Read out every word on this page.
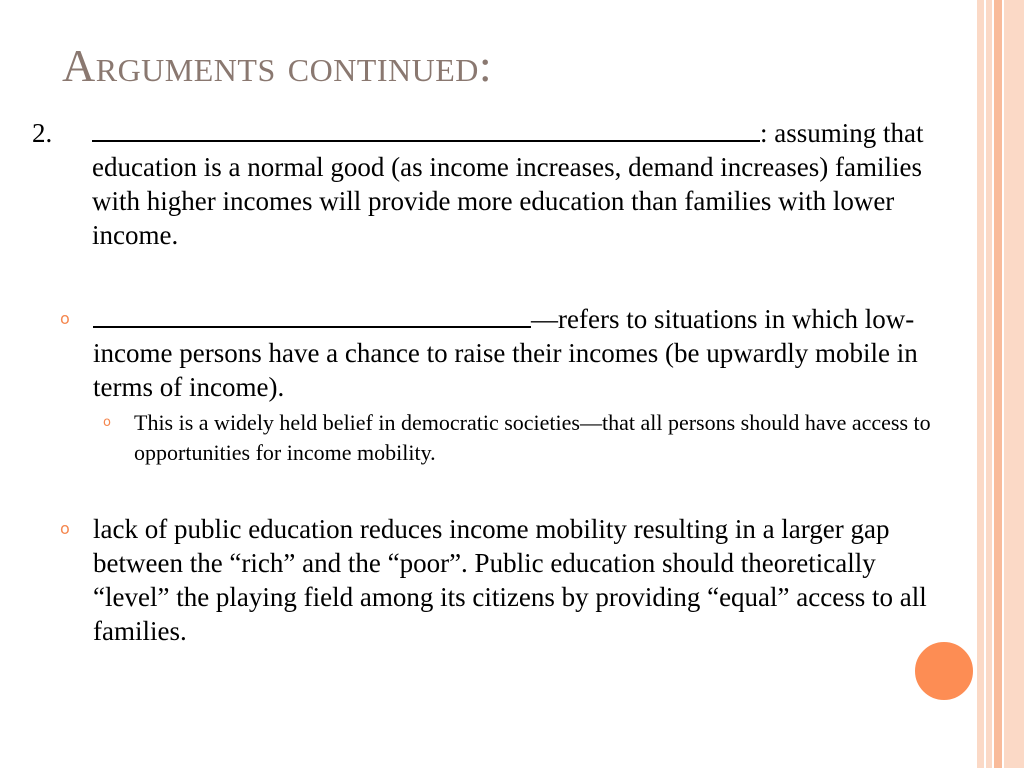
Arguments continued:
2.	: assuming that education is a normal good (as income increases, demand increases) families with higher incomes will provide more education than families with lower income.
o	—refers to situations in which low-income persons have a chance to raise their incomes (be upwardly mobile in terms of income).
o This is a widely held belief in democratic societies—that all persons should have access to opportunities for income mobility.
o lack of public education reduces income mobility resulting in a larger gap between the “rich” and the “poor”. Public education should theoretically “level” the playing field among its citizens by providing “equal” access to all families.
